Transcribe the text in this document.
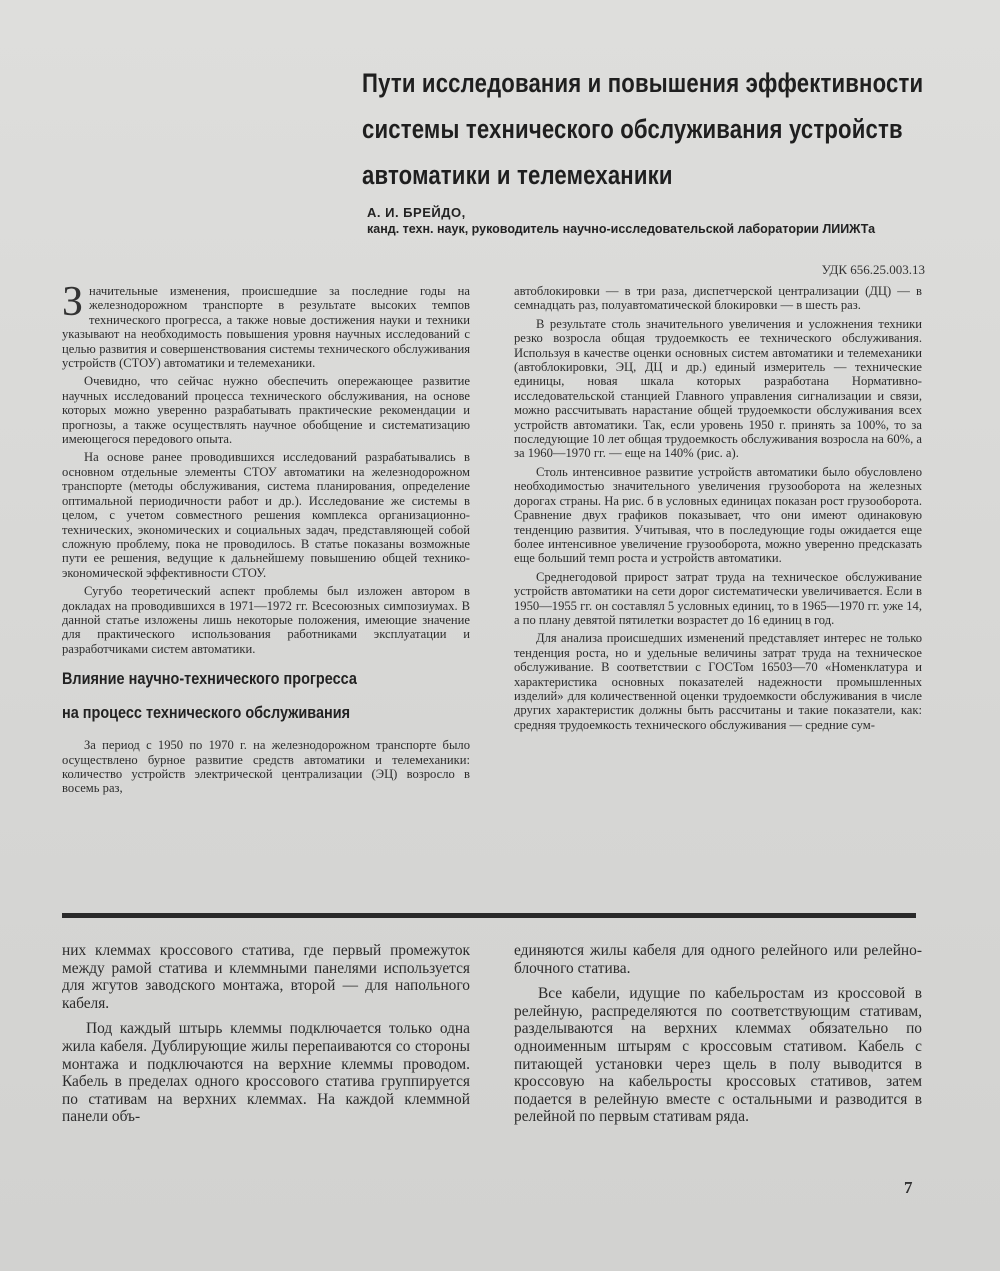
Пути исследования и повышения эффективности
системы технического обслуживания устройств
автоматики и телемеханики
А. И. БРЕЙДО,
канд. техн. наук, руководитель научно-исследовательской лаборатории ЛИИЖТа
УДК 656.25.003.13

Значительные изменения, происшедшие за последние годы на железнодорожном транспорте в результате высоких темпов технического прогресса, а также новые достижения науки и техники указывают на необходимость повышения уровня научных исследований с целью развития и совершенствования системы технического обслуживания устройств (СТОУ) автоматики и телемеханики.

Очевидно, что сейчас нужно обеспечить опережающее развитие научных исследований процесса технического обслуживания, на основе которых можно уверенно разрабатывать практические рекомендации и прогнозы, а также осуществлять научное обобщение и систематизацию имеющегося передового опыта.

На основе ранее проводившихся исследований разрабатывались в основном отдельные элементы СТОУ автоматики на железнодорожном транспорте (методы обслуживания, система планирования, определение оптимальной периодичности работ и др.). Исследование же системы в целом, с учетом совместного решения комплекса организационно-технических, экономических и социальных задач, представляющей собой сложную проблему, пока не проводилось. В статье показаны возможные пути ее решения, ведущие к дальнейшему повышению общей технико-экономической эффективности СТОУ.

Сугубо теоретический аспект проблемы был изложен автором в докладах на проводившихся в 1971—1972 гг. Всесоюзных симпозиумах. В данной статье изложены лишь некоторые положения, имеющие значение для практического использования работниками эксплуатации и разработчиками систем автоматики.

Влияние научно-технического прогресса
на процесс технического обслуживания

За период с 1950 по 1970 г. на железнодорожном транспорте было осуществлено бурное развитие средств автоматики и телемеханики: количество устройств электрической централизации (ЭЦ) возросло в восемь раз,

автоблокировки — в три раза, диспетчерской централизации (ДЦ) — в семнадцать раз, полуавтоматической блокировки — в шесть раз.

В результате столь значительного увеличения и усложнения техники резко возросла общая трудоемкость ее технического обслуживания. Используя в качестве оценки основных систем автоматики и телемеханики (автоблокировки, ЭЦ, ДЦ и др.) единый измеритель — технические единицы, новая шкала которых разработана Нормативно-исследовательской станцией Главного управления сигнализации и связи, можно рассчитывать нарастание общей трудоемкости обслуживания всех устройств автоматики. Так, если уровень 1950 г. принять за 100%, то за последующие 10 лет общая трудоемкость обслуживания возросла на 60%, а за 1960—1970 гг. — еще на 140% (рис. а).

Столь интенсивное развитие устройств автоматики было обусловлено необходимостью значительного увеличения грузооборота на железных дорогах страны. На рис. б в условных единицах показан рост грузооборота. Сравнение двух графиков показывает, что они имеют одинаковую тенденцию развития. Учитывая, что в последующие годы ожидается еще более интенсивное увеличение грузооборота, можно уверенно предсказать еще больший темп роста и устройств автоматики.

Среднегодовой прирост затрат труда на техническое обслуживание устройств автоматики на сети дорог систематически увеличивается. Если в 1950—1955 гг. он составлял 5 условных единиц, то в 1965—1970 гг. уже 14, а по плану девятой пятилетки возрастет до 16 единиц в год.

Для анализа происшедших изменений представляет интерес не только тенденция роста, но и удельные величины затрат труда на техническое обслуживание. В соответствии с ГОСТом 16503—70 «Номенклатура и характеристика основных показателей надежности промышленных изделий» для количественной оценки трудоемкости обслуживания в числе других характеристик должны быть рассчитаны и такие показатели, как: средняя трудоемкость технического обслуживания — средние сум-

них клеммах кроссового статива, где первый промежуток между рамой статива и клеммными панелями используется для жгутов заводского монтажа, второй — для напольного кабеля.

Под каждый штырь клеммы подключается только одна жила кабеля. Дублирующие жилы перепаиваются со стороны монтажа и подключаются на верхние клеммы проводом. Кабель в пределах одного кроссового статива группируется по стативам на верхних клеммах. На каждой клеммной панели объ-

единяются жилы кабеля для одного релейного или релейно-блочного статива.

Все кабели, идущие по кабельростам из кроссовой в релейную, распределяются по соответствующим стативам, разделываются на верхних клеммах обязательно по одноименным штырям с кроссовым стативом. Кабель с питающей установки через щель в полу выводится в кроссовую на кабельросты кроссовых стативов, затем подается в релейную вместе с остальными и разводится в релейной по первым стативам ряда.

7
